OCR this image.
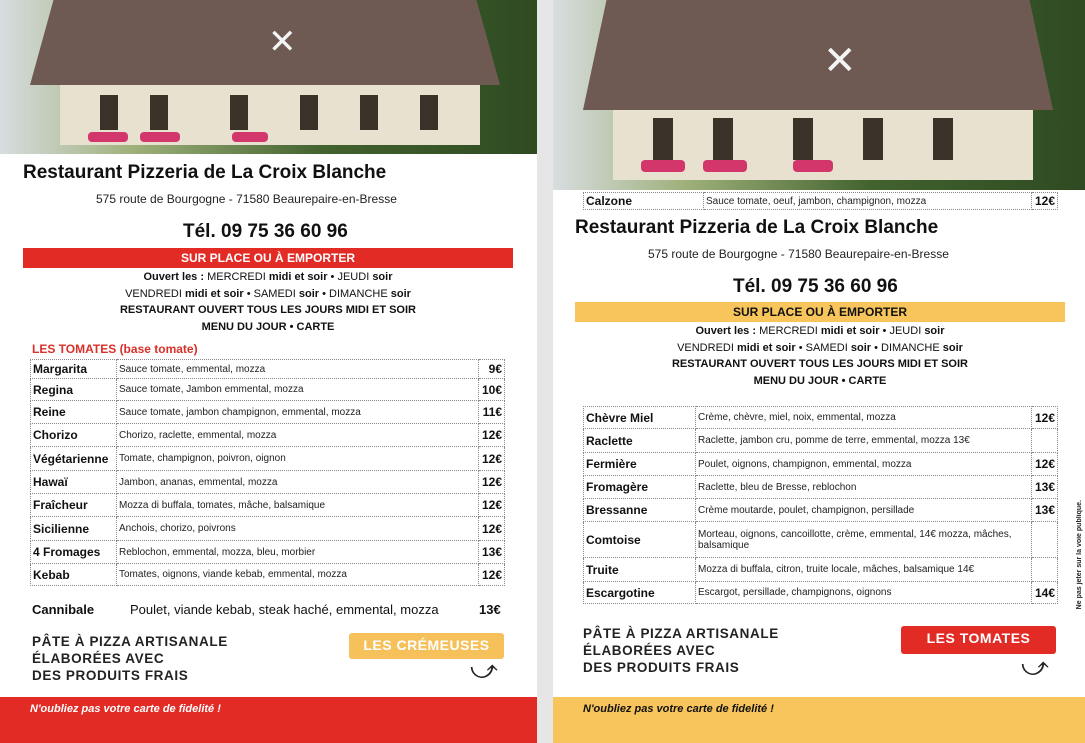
✕
Restaurant Pizzeria de La Croix Blanche
575 route de Bourgogne - 71580 Beaurepaire-en-Bresse
Tél. 09 75 36 60 96
SUR PLACE OU À EMPORTER
Ouvert les : MERCREDI midi et soir • JEUDI soir
VENDREDI midi et soir • SAMEDI soir • DIMANCHE soir
RESTAURANT OUVERT TOUS LES JOURS MIDI ET SOIR
MENU DU JOUR • CARTE
LES TOMATES (base tomate)
Margarita	Sauce tomate, emmental, mozza	9€
Regina	Sauce tomate, Jambon emmental, mozza	10€
Reine	Sauce tomate, jambon champignon, emmental, mozza	11€
Chorizo	Chorizo, raclette, emmental, mozza	12€
Végétarienne	Tomate, champignon, poivron, oignon	12€
Hawaï	Jambon, ananas, emmental, mozza	12€
Fraîcheur	Mozza di buffala, tomates, mâche, balsamique	12€
Sicilienne	Anchois, chorizo, poivrons	12€
4 Fromages	Reblochon, emmental, mozza, bleu, morbier	13€
Kebab	Tomates, oignons, viande kebab, emmental, mozza	12€
Cannibale	Poulet, viande kebab, steak haché, emmental, mozza	13€
PÂTE À PIZZA ARTISANALE
ÉLABORÉES AVEC
DES PRODUITS FRAIS
LES CRÉMEUSES
⤻
N'oubliez pas votre carte de fidelité !
✕
Calzone	Sauce tomate, oeuf, jambon, champignon, mozza	12€
Restaurant Pizzeria de La Croix Blanche
575 route de Bourgogne - 71580 Beaurepaire-en-Bresse
Tél. 09 75 36 60 96
SUR PLACE OU À EMPORTER
Ouvert les : MERCREDI midi et soir • JEUDI soir
VENDREDI midi et soir • SAMEDI soir • DIMANCHE soir
RESTAURANT OUVERT TOUS LES JOURS MIDI ET SOIR
MENU DU JOUR • CARTE
Chèvre Miel	Crème, chèvre, miel, noix, emmental, mozza	12€
Raclette	Raclette, jambon cru, pomme de terre, emmental, mozza 13€	
Fermière	Poulet, oignons, champignon, emmental, mozza	12€
Fromagère	Raclette, bleu de Bresse, reblochon	13€
Bressanne	Crème moutarde, poulet, champignon, persillade	13€
Comtoise	Morteau, oignons, cancoillotte, crème, emmental, 14€ mozza, mâches, balsamique	
Truite	Mozza di buffala, citron, truite locale, mâches, balsamique 14€	
Escargotine	Escargot, persillade, champignons, oignons	14€
PÂTE À PIZZA ARTISANALE
ÉLABORÉES AVEC
DES PRODUITS FRAIS
LES TOMATES
⤻
Ne pas jeter sur la voie publique.
N'oubliez pas votre carte de fidelité !
